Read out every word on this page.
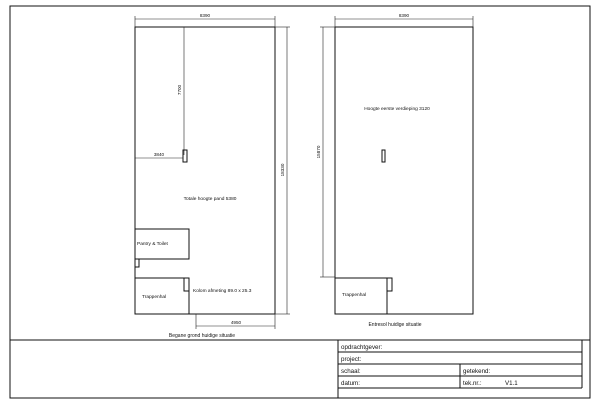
8390
18330
7700
3840
Totale hoogte pand 5380
Pantry & Toilet
Trappenhal
Kolom afmeting 89.0 x 25.3
4950
Begane grond huidige situatie
8390
15870
Hoogte eerste verdieping 3120
Trappenhal
Entresol huidige situatie
opdrachtgever:
project:
schaal:	getekend:
datum:	tek.nr.:	V1.1
